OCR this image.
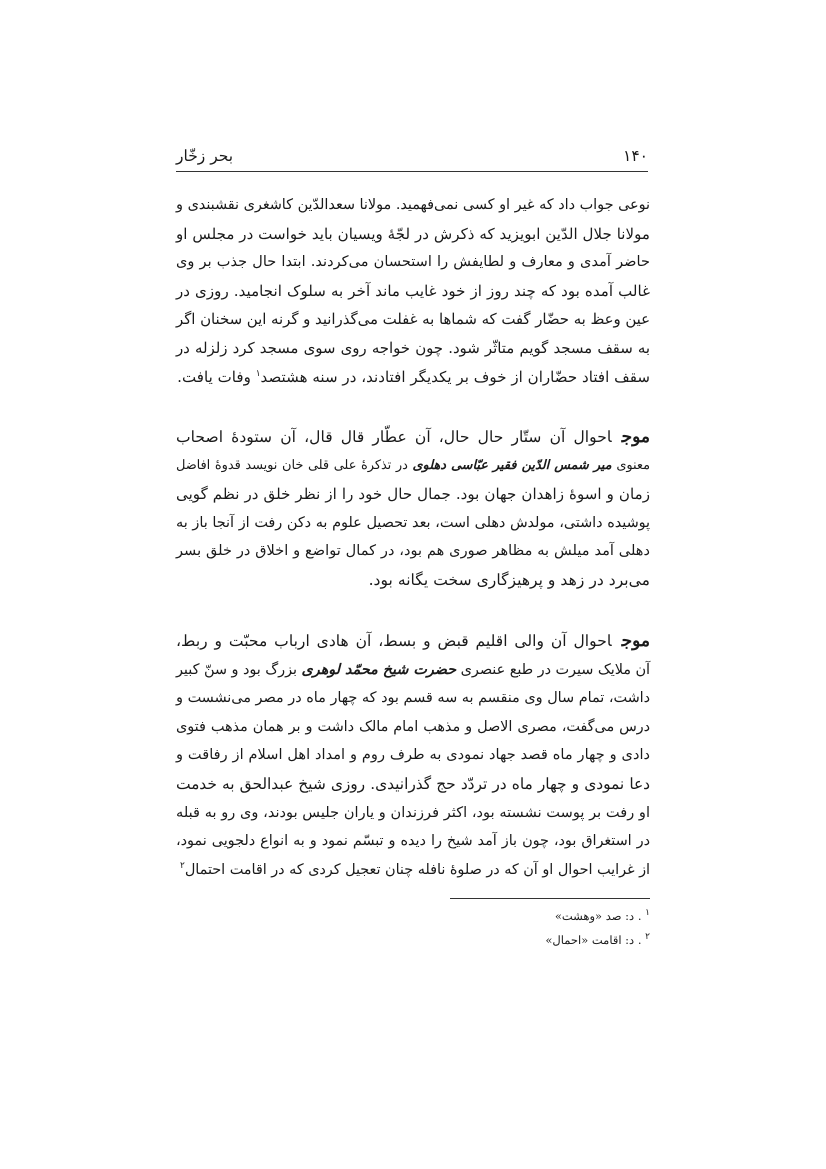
۱۴۰
بحر زخّار
نوعی جواب داد که غیر او کسی نمی‌فهمید. مولانا سعدالدّین کاشغری نقشبندی و
مولانا جلال الدّین ابویزید که ذکرش در لجّهٔ ویسیان باید خواست در مجلس او
حاضر آمدی و معارف و لطایفش را استحسان می‌کردند. ابتدا حال جذب بر وی
غالب آمده بود که چند روز از خود غایب ماند آخر به سلوک انجامید. روزی در
عین وعظ به حضّار گفت که شماها به غفلت می‌گذرانید و گرنه این سخنان اگر
به سقف مسجد گویم متاثّر شود. چون خواجه روی سوی مسجد کرد زلزله در
سقف افتاد حضّاران از خوف بر یکدیگر افتادند، در سنه هشتصد$^۱$ وفات یافت.
موجاحوال آن ستّار حال حال، آن عطّار قال قال، آن ستودهٔ اصحاب
معنوی میر شمس الدّین فقیر عبّاسی دهلوی در تذکرهٔ علی قلی خان نویسد قدوهٔ افاضل
زمان و اسوهٔ زاهدان جهان بود. جمال حال خود را از نظر خلق در نظم گویی
پوشیده داشتی، مولدش دهلی است، بعد تحصیل علوم به دکن رفت از آنجا باز به
دهلی آمد میلش به مظاهر صوری هم بود، در کمال تواضع و اخلاق در خلق بسر
می‌برد در زهد و پرهیزگاری سخت یگانه بود.
موجاحوال آن والی اقلیم قبض و بسط، آن هادی ارباب محبّت و ربط،
آن ملایک سیرت در طبع عنصری حضرت شیخ محمّد لوهری بزرگ بود و سنّ کبیر
داشت، تمام سال وی منقسم به سه قسم بود که چهار ماه در مصر می‌نشست و
درس می‌گفت، مصری الاصل و مذهب امام مالک داشت و بر همان مذهب فتوی
دادی و چهار ماه قصد جهاد نمودی به طرف روم و امداد اهل اسلام از رفاقت و
دعا نمودی و چهار ماه در تردّد حج گذرانیدی. روزی شیخ عبدالحق به خدمت
او رفت بر پوست نشسته بود، اکثر فرزندان و یاران جلیس بودند، وی رو به قبله
در استغراق بود، چون باز آمد شیخ را دیده و تبسّم نمود و به انواع دلجویی نمود،
از غرایب احوال او آن که در صلوهٔ نافله چنان تعجیل کردی که در اقامت احتمال$^۲$
$^۱$ . د: صد «وهشت»
$^۲$ . د: اقامت «احمال»
